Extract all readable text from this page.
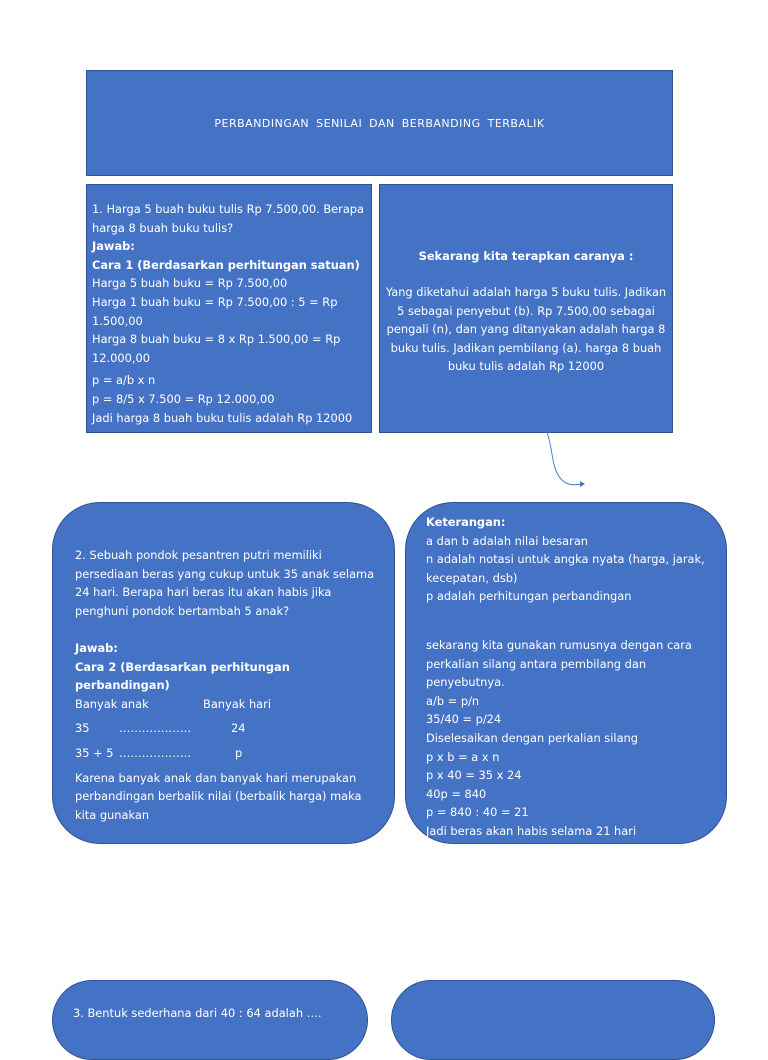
PERBANDINGAN SENILAI DAN BERBANDING TERBALIK
1. Harga 5 buah buku tulis Rp 7.500,00. Berapa harga 8 buah buku tulis?
Jawab:
Cara 1 (Berdasarkan perhitungan satuan)
Harga 5 buah buku = Rp 7.500,00
Harga 1 buah buku = Rp 7.500,00 : 5 = Rp 1.500,00
Harga 8 buah buku = 8 x Rp 1.500,00 = Rp 12.000,00
p = a/b x n
p = 8/5 x 7.500 = Rp 12.000,00
Jadi harga 8 buah buku tulis adalah Rp 12000
Sekarang kita terapkan caranya :
Yang diketahui adalah harga 5 buku tulis. Jadikan 5 sebagai penyebut (b). Rp 7.500,00 sebagai pengali (n), dan yang ditanyakan adalah harga 8 buku tulis. Jadikan pembilang (a). harga 8 buah buku tulis adalah Rp 12000
2. Sebuah pondok pesantren putri memiliki persediaan beras yang cukup untuk 35 anak selama 24 hari. Berapa hari beras itu akan habis jika penghuni pondok bertambah 5 anak?
Jawab:
Cara 2 (Berdasarkan perhitungan perbandingan)
Banyak anak	Banyak hari
35	……………….	24
35 + 5 ……………….	p
Karena banyak anak dan banyak hari merupakan perbandingan berbalik nilai (berbalik harga) maka kita gunakan
Keterangan:
a dan b adalah nilai besaran
n adalah notasi untuk angka nyata (harga, jarak, kecepatan, dsb)
p adalah perhitungan perbandingan
sekarang kita gunakan rumusnya dengan cara perkalian silang antara pembilang dan penyebutnya.
a/b = p/n
35/40 = p/24
Diselesaikan dengan perkalian silang
p x b = a x n
p x 40 = 35 x 24
40p = 840
p = 840 : 40 = 21
Jadi beras akan habis selama 21 hari
3. Bentuk sederhana dari 40 : 64 adalah ….
